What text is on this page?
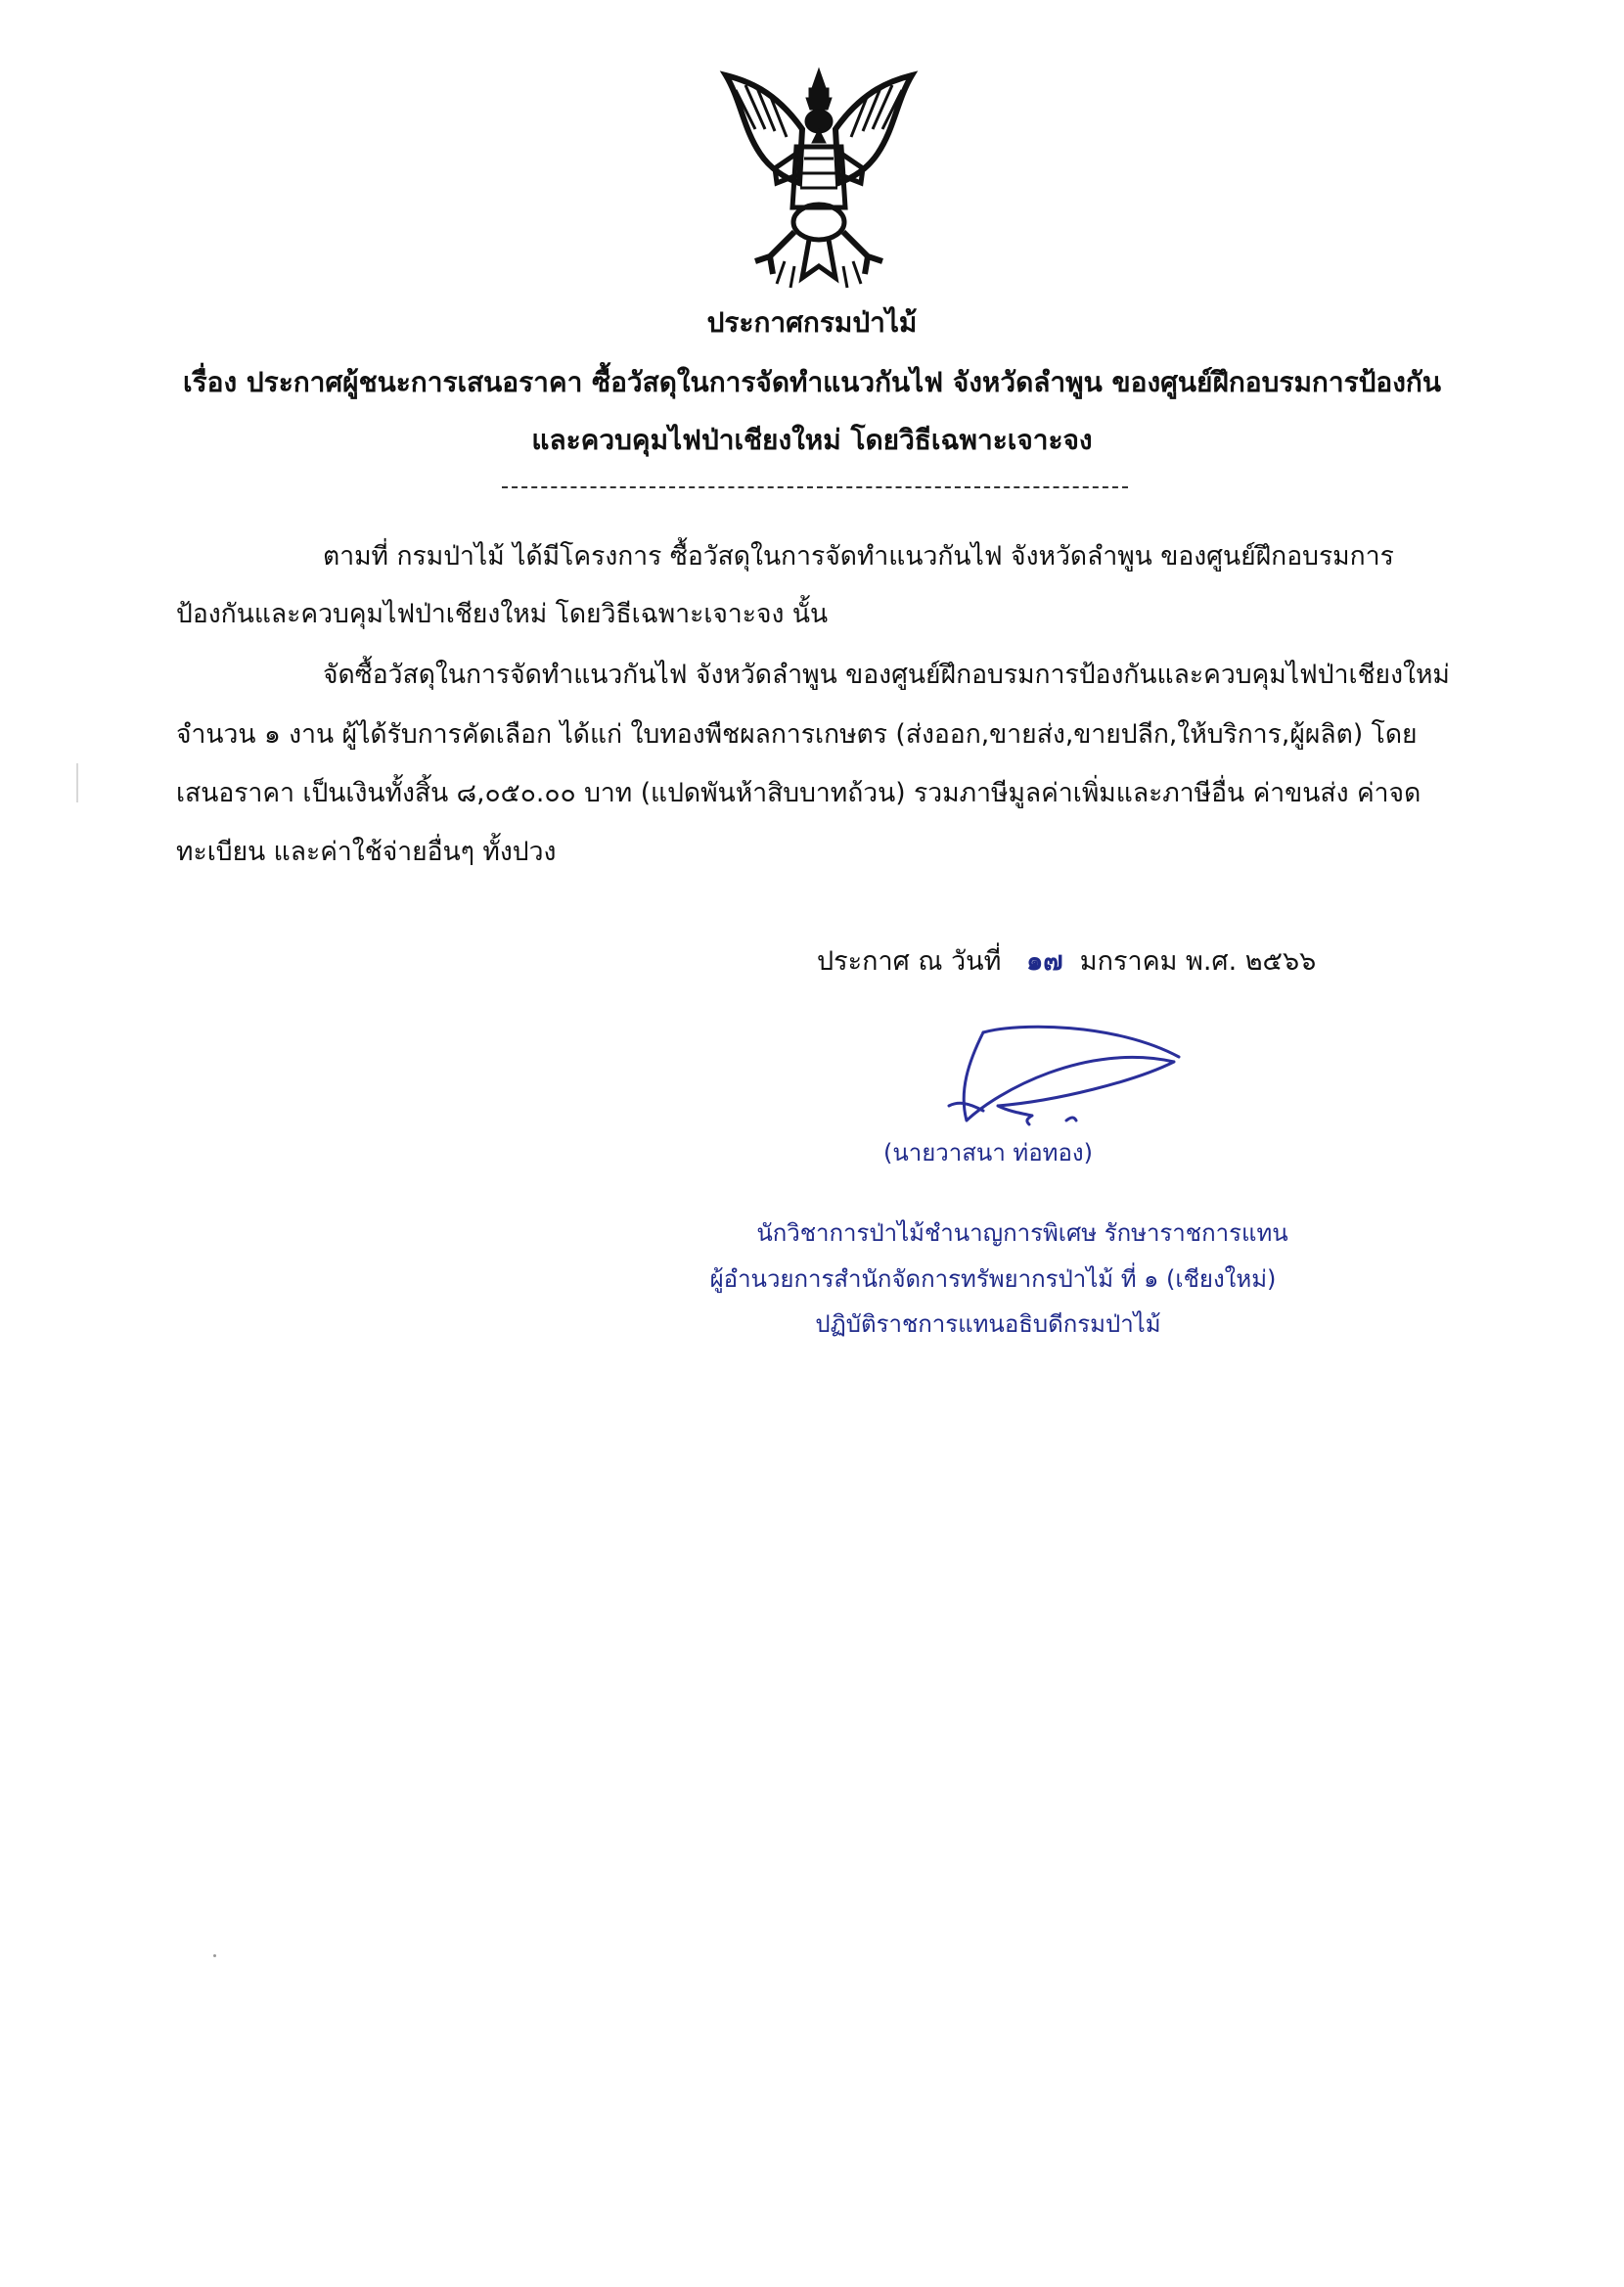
ประกาศกรมป่าไม้
เรื่อง ประกาศผู้ชนะการเสนอราคา ซื้อวัสดุในการจัดทำแนวกันไฟ จังหวัดลำพูน ของศูนย์ฝึกอบรมการป้องกัน
และควบคุมไฟป่าเชียงใหม่ โดยวิธีเฉพาะเจาะจง
ตามที่ กรมป่าไม้ ได้มีโครงการ ซื้อวัสดุในการจัดทำแนวกันไฟ จังหวัดลำพูน ของศูนย์ฝึกอบรมการ
ป้องกันและควบคุมไฟป่าเชียงใหม่ โดยวิธีเฉพาะเจาะจง นั้น
จัดซื้อวัสดุในการจัดทำแนวกันไฟ จังหวัดลำพูน ของศูนย์ฝึกอบรมการป้องกันและควบคุมไฟป่าเชียงใหม่
จำนวน ๑ งาน ผู้ได้รับการคัดเลือก ได้แก่ ใบทองพืชผลการเกษตร (ส่งออก,ขายส่ง,ขายปลีก,ให้บริการ,ผู้ผลิต) โดย
เสนอราคา เป็นเงินทั้งสิ้น ๘,๐๕๐.๐๐ บาท (แปดพันห้าสิบบาทถ้วน) รวมภาษีมูลค่าเพิ่มและภาษีอื่น ค่าขนส่ง ค่าจด
ทะเบียน และค่าใช้จ่ายอื่นๆ ทั้งปวง
ประกาศ ณ วันที่ ๑๗ มกราคม พ.ศ. ๒๕๖๖
(นายวาสนา ท่อทอง)
นักวิชาการป่าไม้ชำนาญการพิเศษ รักษาราชการแทน
ผู้อำนวยการสำนักจัดการทรัพยากรป่าไม้ ที่ ๑ (เชียงใหม่)
ปฏิบัติราชการแทนอธิบดีกรมป่าไม้
